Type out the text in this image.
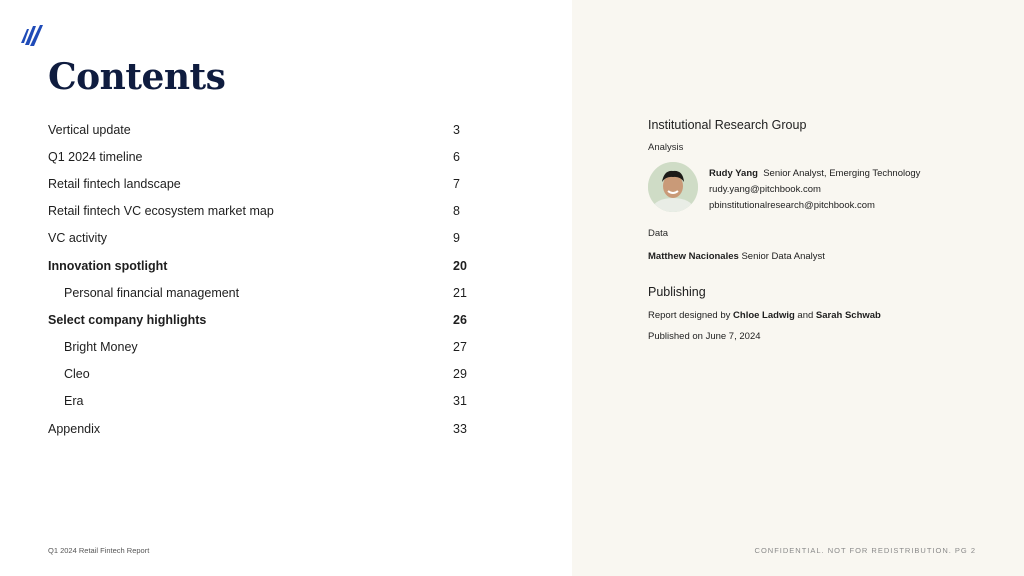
Contents
Vertical update	3
Q1 2024 timeline	6
Retail fintech landscape	7
Retail fintech VC ecosystem market map	8
VC activity	9
Innovation spotlight	20
Personal financial management	21
Select company highlights	26
Bright Money	27
Cleo	29
Era	31
Appendix	33
Q1 2024 Retail Fintech Report
Institutional Research Group
Analysis
Rudy Yang Senior Analyst, Emerging Technology
rudy.yang@pitchbook.com
pbinstitutionalresearch@pitchbook.com
Data
Matthew Nacionales Senior Data Analyst
Publishing
Report designed by Chloe Ladwig and Sarah Schwab
Published on June 7, 2024
CONFIDENTIAL. NOT FOR REDISTRIBUTION. PG 2
